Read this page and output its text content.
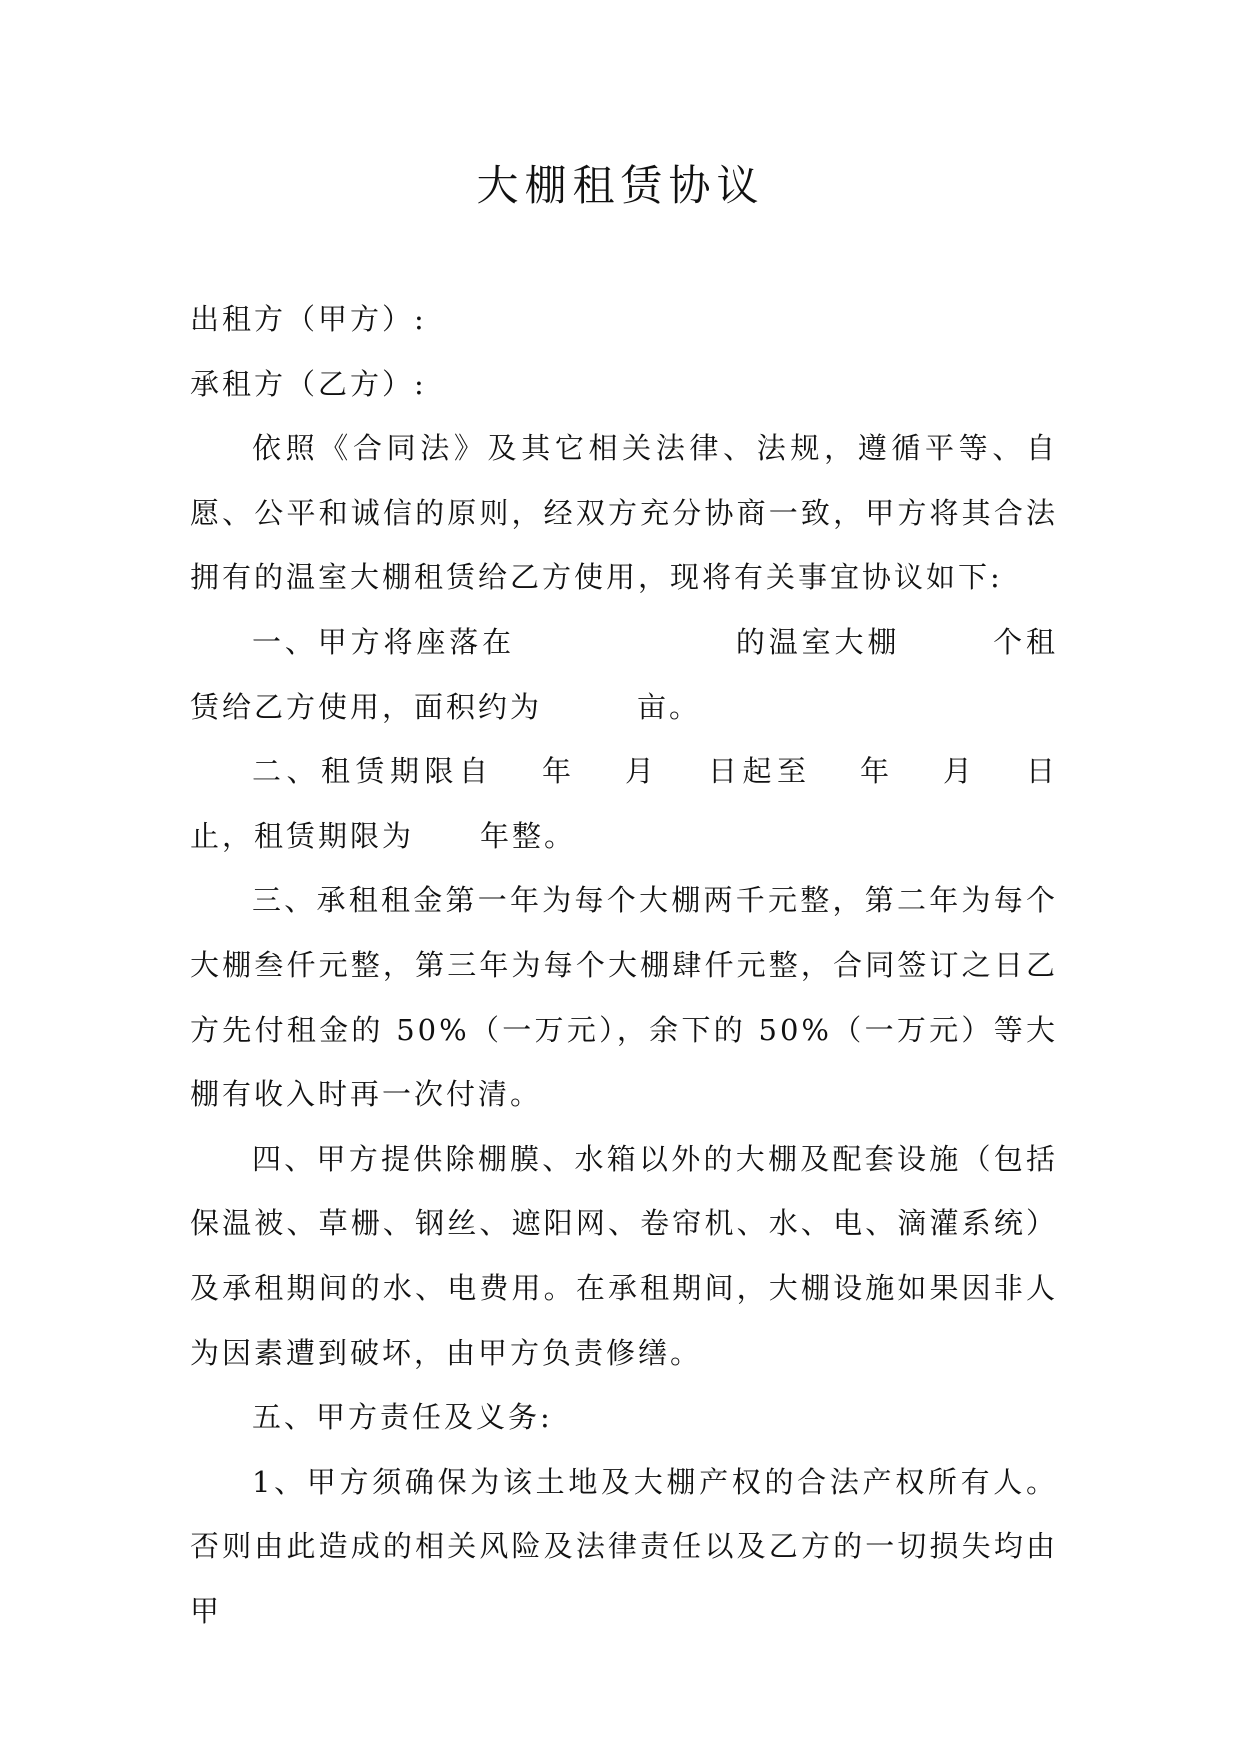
大棚租赁协议

出租方（甲方）:

承租方（乙方）:

依照《合同法》及其它相关法律、法规，遵循平等、自愿、公平和诚信的原则，经双方充分协商一致，甲方将其合法拥有的温室大棚租赁给乙方使用，现将有关事宜协议如下:

一、甲方将座落在	的温室大棚	个租赁给乙方使用，面积约为	亩。

二、租赁期限自 年 月 日起至 年 月 日止，租赁期限为 年整。

三、承租租金第一年为每个大棚两千元整，第二年为每个大棚叁仟元整，第三年为每个大棚肆仟元整，合同签订之日乙方先付租金的 50%（一万元），余下的 50%（一万元）等大棚有收入时再一次付清。

四、甲方提供除棚膜、水箱以外的大棚及配套设施（包括保温被、草栅、钢丝、遮阳网、卷帘机、水、电、滴灌系统）及承租期间的水、电费用。在承租期间，大棚设施如果因非人为因素遭到破坏，由甲方负责修缮。

五、甲方责任及义务:

1、甲方须确保为该土地及大棚产权的合法产权所有人。否则由此造成的相关风险及法律责任以及乙方的一切损失均由甲
